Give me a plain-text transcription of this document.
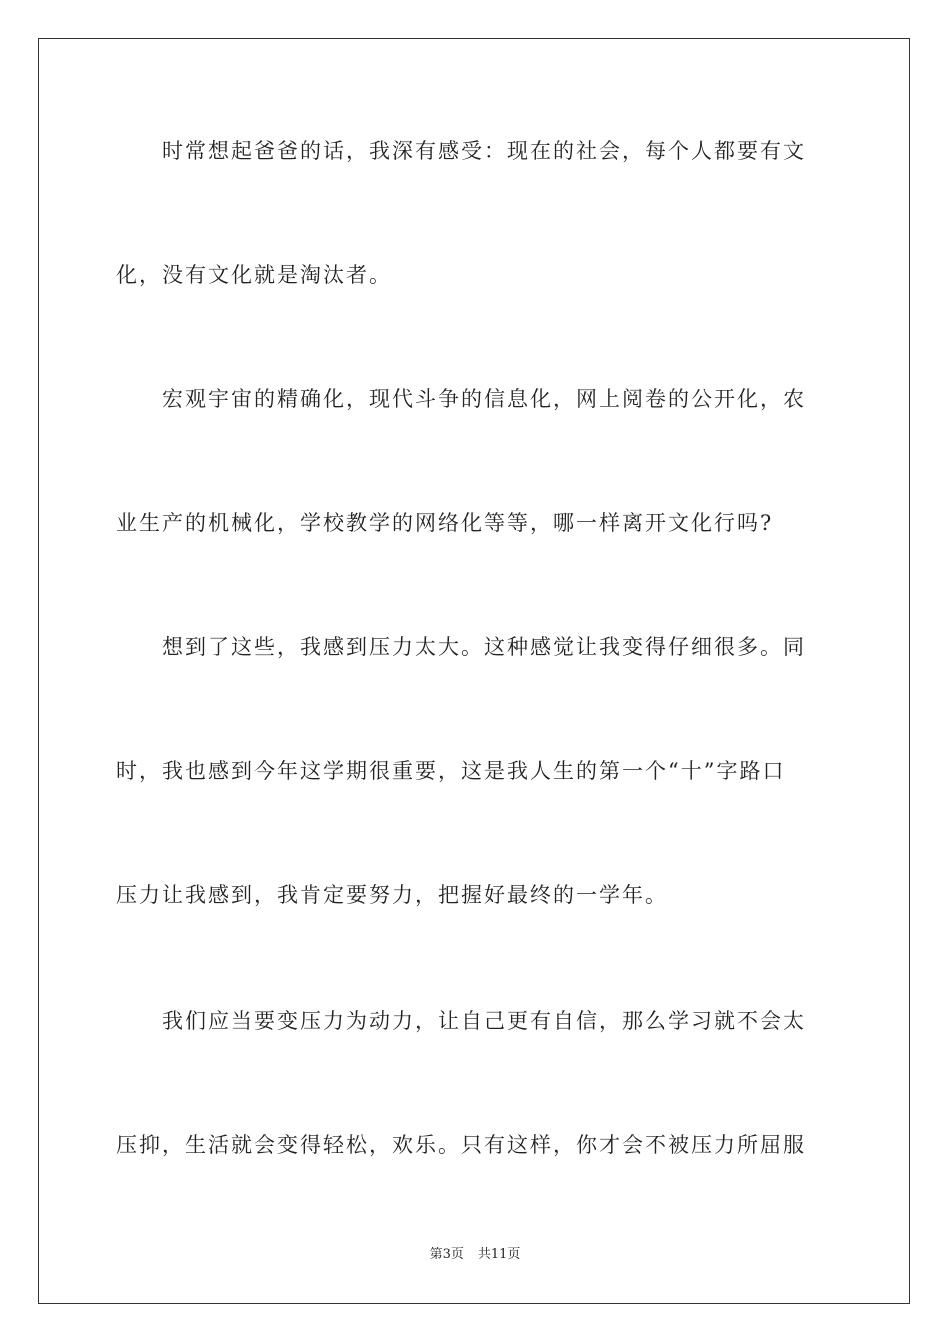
时常想起爸爸的话，我深有感受：现在的社会，每个人都要有文
化，没有文化就是淘汰者。
宏观宇宙的精确化，现代斗争的信息化，网上阅卷的公开化，农
业生产的机械化，学校教学的网络化等等，哪一样离开文化行吗?
想到了这些，我感到压力太大。这种感觉让我变得仔细很多。同
时，我也感到今年这学期很重要，这是我人生的第一个“十”字路口
压力让我感到，我肯定要努力，把握好最终的一学年。
我们应当要变压力为动力，让自己更有自信，那么学习就不会太
压抑，生活就会变得轻松，欢乐。只有这样，你才会不被压力所屈服
第3页 共11页
